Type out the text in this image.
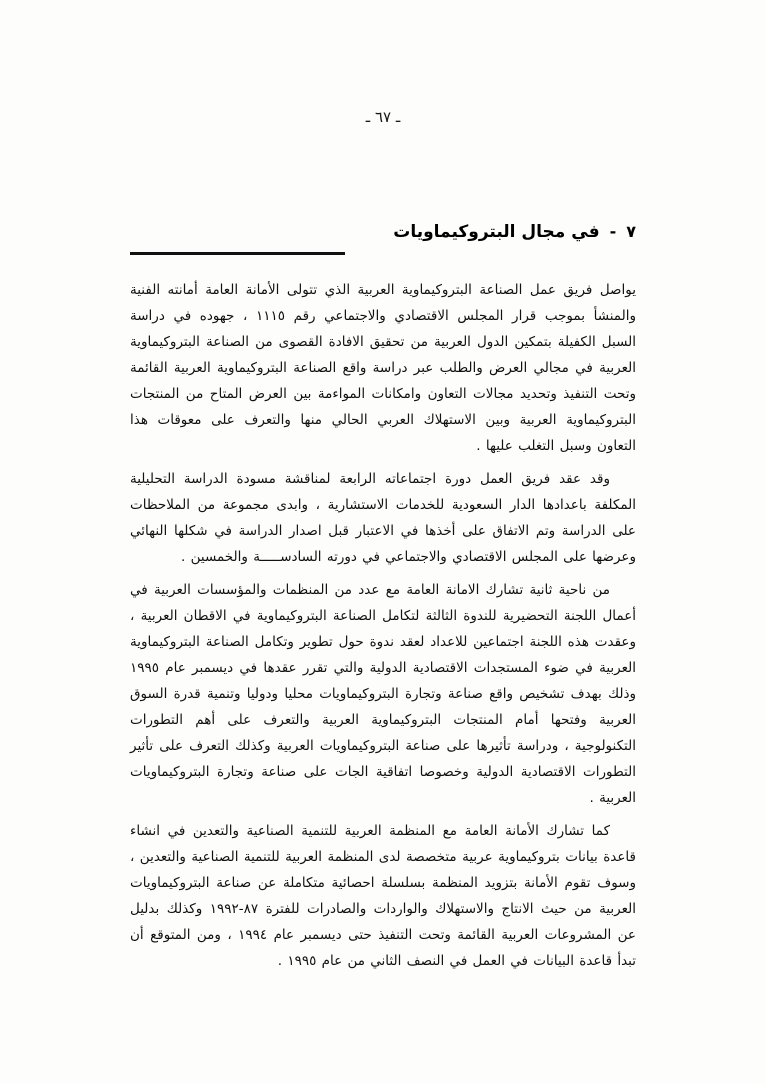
ـ ٦٧ ـ
٧
-
في مجال البتروكيماويات

يواصل فريق عمل الصناعة البتروكيماوية العربية الذي تتولى الأمانة العامة أمانته الفنية والمنشأ بموجب قرار المجلس الاقتصادي والاجتماعي رقم ١١١٥ ، جهوده في دراسة السبل الكفيلة بتمكين الدول العربية من تحقيق الافادة القصوى من الصناعة البتروكيماوية العربية في مجالي العرض والطلب عبر دراسة واقع الصناعة البتروكيماوية العربية القائمة وتحت التنفيذ وتحديد مجالات التعاون وامكانات المواءمة بين العرض المتاح من المنتجات البتروكيماوية العربية وبين الاستهلاك العربي الحالي منها والتعرف على معوقات هذا التعاون وسبل التغلب عليها .

وقد عقد فريق العمل دورة اجتماعاته الرابعة لمناقشة مسودة الدراسة التحليلية المكلفة باعدادها الدار السعودية للخدمات الاستشارية ، وابدى مجموعة من الملاحظات على الدراسة وتم الاتفاق على أخذها في الاعتبار قبل اصدار الدراسة في شكلها النهائي وعرضها على المجلس الاقتصادي والاجتماعي في دورته السادســـــة والخمسين .

من ناحية ثانية تشارك الامانة العامة مع عدد من المنظمات والمؤسسات العربية في أعمال اللجنة التحضيرية للندوة الثالثة لتكامل الصناعة البتروكيماوية في الاقطان العربية ، وعقدت هذه اللجنة اجتماعين للاعداد لعقد ندوة حول تطوير وتكامل الصناعة البتروكيماوية العربية في ضوء المستجدات الاقتصادية الدولية والتي تقرر عقدها في ديسمبر عام ١٩٩٥ وذلك بهدف تشخيص واقع صناعة وتجارة البتروكيماويات محليا ودوليا وتنمية قدرة السوق العربية وفتحها أمام المنتجات البتروكيماوية العربية والتعرف على أهم التطورات التكنولوجية ، ودراسة تأثيرها على صناعة البتروكيماويات العربية وكذلك التعرف على تأثير التطورات الاقتصادية الدولية وخصوصا اتفاقية الجات على صناعة وتجارة البتروكيماويات العربية .

كما تشارك الأمانة العامة مع المنظمة العربية للتنمية الصناعية والتعدين في انشاء قاعدة بيانات بتروكيماوية عربية متخصصة لدى المنظمة العربية للتنمية الصناعية والتعدين ، وسوف تقوم الأمانة بتزويد المنظمة بسلسلة احصائية متكاملة عن صناعة البتروكيماويات العربية من حيث الانتاج والاستهلاك والواردات والصادرات للفترة ٨٧-١٩٩٢ وكذلك بدليل عن المشروعات العربية القائمة وتحت التنفيذ حتى ديسمبر عام ١٩٩٤ ، ومن المتوقع أن تبدأ قاعدة البيانات في العمل في النصف الثاني من عام ١٩٩٥ .
